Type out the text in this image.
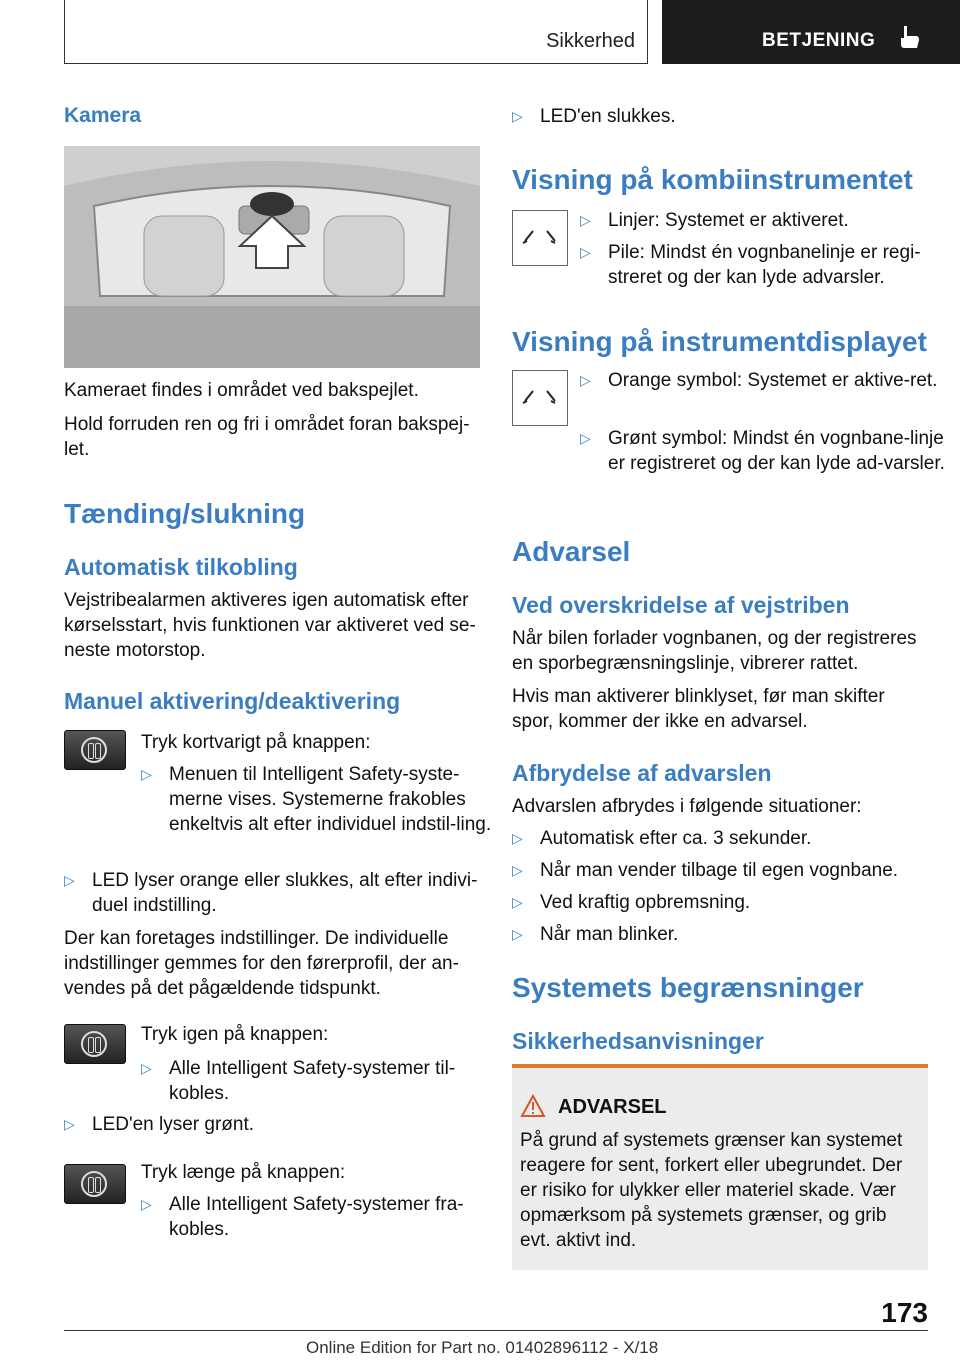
Sikkerhed	BETJENING
Kamera

Kameraet findes i området ved bakspejlet.

Hold forruden ren og fri i området foran bakspej-let.

Tænding/slukning
Automatisk tilkobling

Vejstribealarmen aktiveres igen automatisk efter kørselsstart, hvis funktionen var aktiveret ved se-neste motorstop.

Manuel aktivering/deaktivering

Tryk kortvarigt på knappen:

▷ Menuen til Intelligent Safety-syste-merne vises. Systemerne frakobles enkeltvis alt efter individuel indstil-ling.
▷ LED lyser orange eller slukkes, alt efter indivi-duel indstilling.

Der kan foretages indstillinger. De individuelle indstillinger gemmes for den førerprofil, der an-vendes på det pågældende tidspunkt.

Tryk igen på knappen:

▷ Alle Intelligent Safety-systemer til-kobles.
▷ LED'en lyser grønt.

Tryk længe på knappen:

▷ Alle Intelligent Safety-systemer fra-kobles.
▷ LED'en slukkes.
Visning på kombiinstrumentet
▷ Linjer: Systemet er aktiveret.
▷ Pile: Mindst én vognbanelinje er regi-streret og der kan lyde advarsler.
Visning på instrumentdisplayet
▷ Orange symbol: Systemet er aktive-ret.
▷ Grønt symbol: Mindst én vognbane-linje er registreret og der kan lyde ad-varsler.
Advarsel
Ved overskridelse af vejstriben

Når bilen forlader vognbanen, og der registreres en sporbegrænsningslinje, vibrerer rattet.

Hvis man aktiverer blinklyset, før man skifter spor, kommer der ikke en advarsel.

Afbrydelse af advarslen

Advarslen afbrydes i følgende situationer:

▷ Automatisk efter ca. 3 sekunder.
▷ Når man vender tilbage til egen vognbane.
▷ Ved kraftig opbremsning.
▷ Når man blinker.
Systemets begrænsninger
Sikkerhedsanvisninger
ADVARSEL

På grund af systemets grænser kan systemet reagere for sent, forkert eller ubegrundet. Der er risiko for ulykker eller materiel skade. Vær opmærksom på systemets grænser, og grib evt. aktivt ind.

173
Online Edition for Part no. 01402896112 - X/18
